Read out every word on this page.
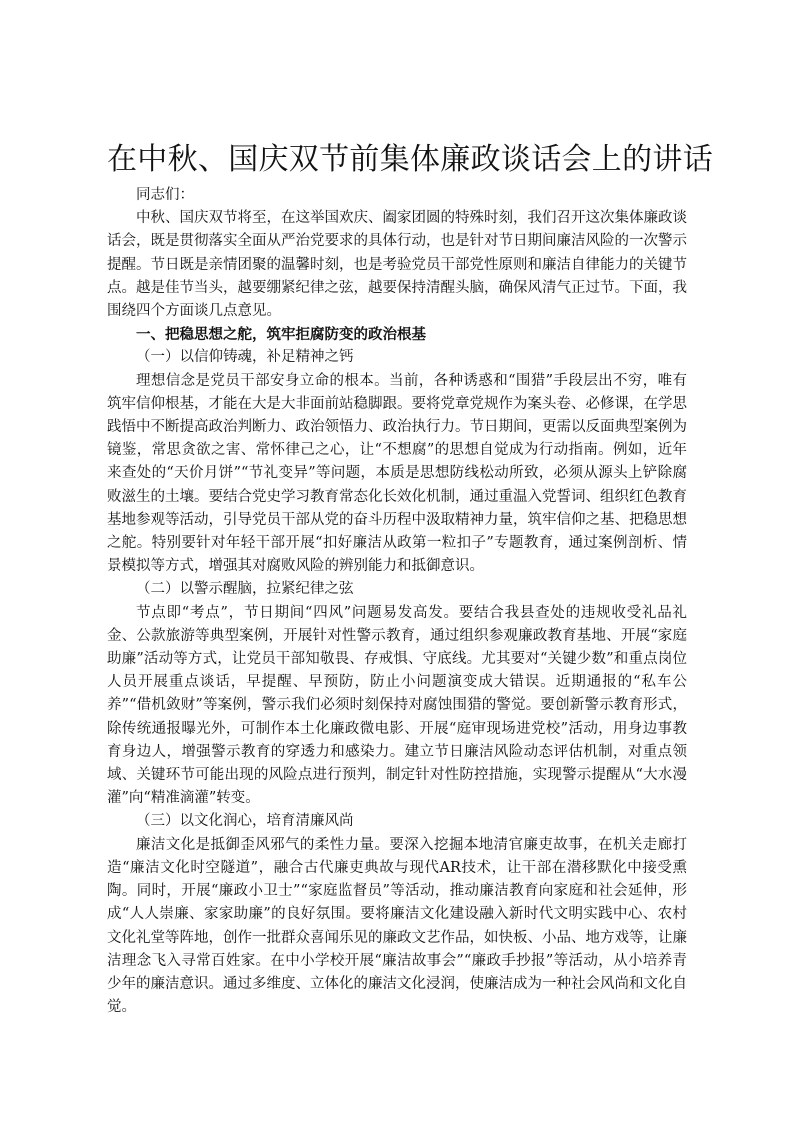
在中秋、国庆双节前集体廉政谈话会上的讲话

同志们：

中秋、国庆双节将至，在这举国欢庆、阖家团圆的特殊时刻，我们召开这次集体廉政谈话会，既是贯彻落实全面从严治党要求的具体行动，也是针对节日期间廉洁风险的一次警示提醒。节日既是亲情团聚的温馨时刻，也是考验党员干部党性原则和廉洁自律能力的关键节点。越是佳节当头，越要绷紧纪律之弦，越要保持清醒头脑，确保风清气正过节。下面，我围绕四个方面谈几点意见。

一、把稳思想之舵，筑牢拒腐防变的政治根基

（一）以信仰铸魂，补足精神之钙

理想信念是党员干部安身立命的根本。当前，各种诱惑和“围猎”手段层出不穷，唯有筑牢信仰根基，才能在大是大非面前站稳脚跟。要将党章党规作为案头卷、必修课，在学思践悟中不断提高政治判断力、政治领悟力、政治执行力。节日期间，更需以反面典型案例为镜鉴，常思贪欲之害、常怀律己之心，让“不想腐”的思想自觉成为行动指南。例如，近年来查处的“天价月饼”“节礼变异”等问题，本质是思想防线松动所致，必须从源头上铲除腐败滋生的土壤。要结合党史学习教育常态化长效化机制，通过重温入党誓词、组织红色教育基地参观等活动，引导党员干部从党的奋斗历程中汲取精神力量，筑牢信仰之基、把稳思想之舵。特别要针对年轻干部开展“扣好廉洁从政第一粒扣子”专题教育，通过案例剖析、情景模拟等方式，增强其对腐败风险的辨别能力和抵御意识。

（二）以警示醒脑，拉紧纪律之弦

节点即“考点”，节日期间“四风”问题易发高发。要结合我县查处的违规收受礼品礼金、公款旅游等典型案例，开展针对性警示教育，通过组织参观廉政教育基地、开展“家庭助廉”活动等方式，让党员干部知敬畏、存戒惧、守底线。尤其要对“关键少数”和重点岗位人员开展重点谈话，早提醒、早预防，防止小问题演变成大错误。近期通报的“私车公养”“借机敛财”等案例，警示我们必须时刻保持对腐蚀围猎的警觉。要创新警示教育形式，除传统通报曝光外，可制作本土化廉政微电影、开展“庭审现场进党校”活动，用身边事教育身边人，增强警示教育的穿透力和感染力。建立节日廉洁风险动态评估机制，对重点领域、关键环节可能出现的风险点进行预判，制定针对性防控措施，实现警示提醒从“大水漫灌”向“精准滴灌”转变。

（三）以文化润心，培育清廉风尚

廉洁文化是抵御歪风邪气的柔性力量。要深入挖掘本地清官廉吏故事，在机关走廊打造“廉洁文化时空隧道”，融合古代廉吏典故与现代AR技术，让干部在潜移默化中接受熏陶。同时，开展“廉政小卫士”“家庭监督员”等活动，推动廉洁教育向家庭和社会延伸，形成“人人崇廉、家家助廉”的良好氛围。要将廉洁文化建设融入新时代文明实践中心、农村文化礼堂等阵地，创作一批群众喜闻乐见的廉政文艺作品，如快板、小品、地方戏等，让廉洁理念飞入寻常百姓家。在中小学校开展“廉洁故事会”“廉政手抄报”等活动，从小培养青少年的廉洁意识。通过多维度、立体化的廉洁文化浸润，使廉洁成为一种社会风尚和文化自觉。
